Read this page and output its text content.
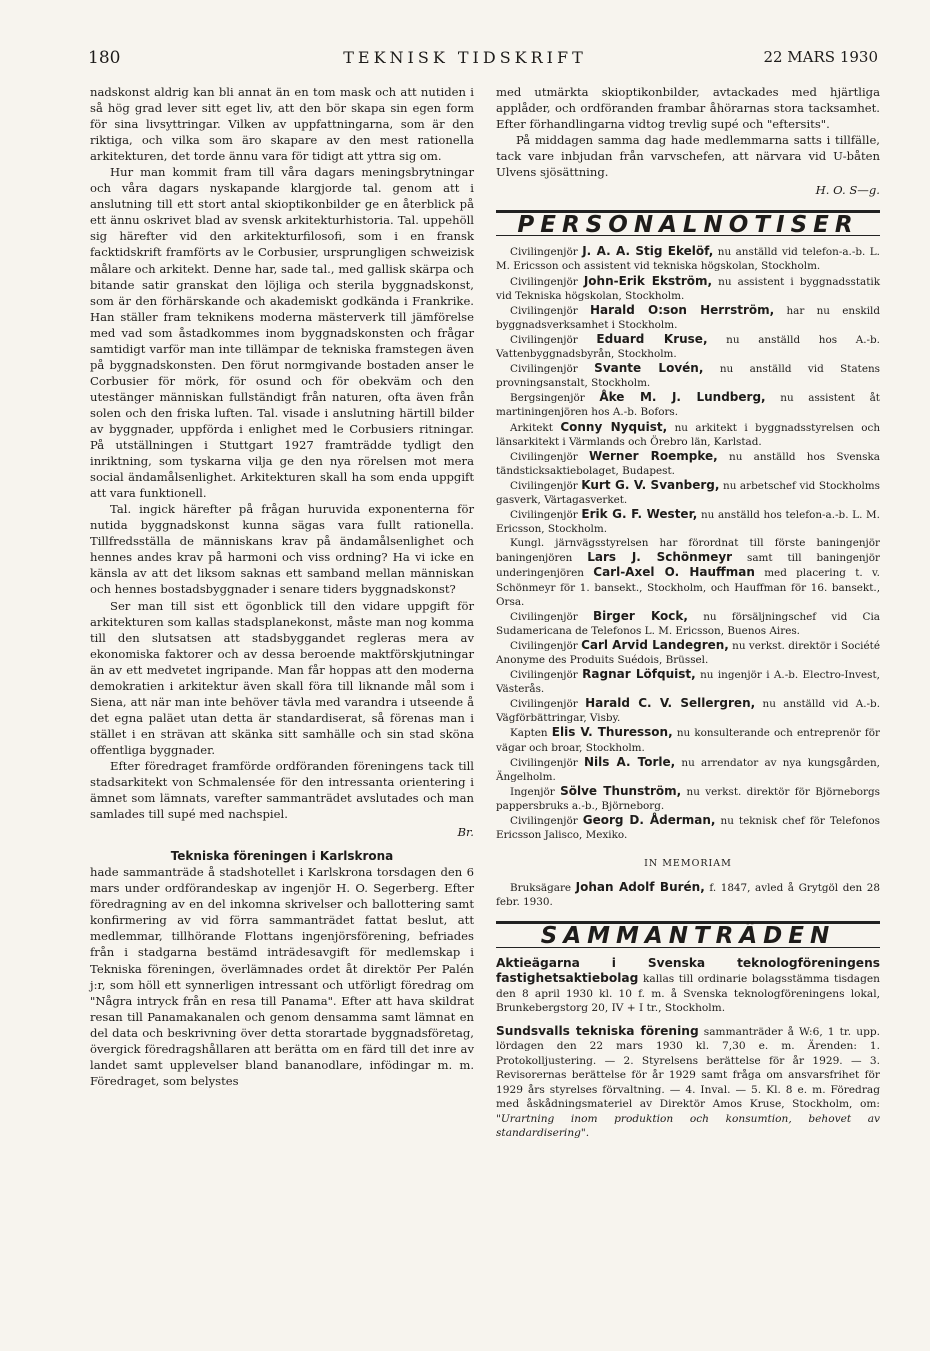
180	TEKNISK TIDSKRIFT	22 MARS 1930

nadskonst aldrig kan bli annat än en tom mask och att nutiden i så hög grad lever sitt eget liv, att den bör skapa sin egen form för sina livsyttringar. Vilken av uppfattningarna, som är den riktiga, och vilka som äro skapare av den mest rationella arkitekturen, det torde ännu vara för tidigt att yttra sig om.

Hur man kommit fram till våra dagars meningsbrytningar och våra dagars nyskapande klargjorde tal. genom att i anslutning till ett stort antal skioptikonbilder ge en återblick på ett ännu oskrivet blad av svensk arkitekturhistoria. Tal. uppehöll sig härefter vid den arkitekturfilosofi, som i en fransk facktidskrift framförts av le Corbusier, ursprungligen schweizisk målare och arkitekt. Denne har, sade tal., med gallisk skärpa och bitande satir granskat den löjliga och sterila byggnadskonst, som är den förhärskande och akademiskt godkända i Frankrike. Han ställer fram teknikens moderna mästerverk till jämförelse med vad som åstadkommes inom byggnadskonsten och frågar samtidigt varför man inte tillämpar de tekniska framstegen även på byggnadskonsten. Den förut normgivande bostaden anser le Corbusier för mörk, för osund och för obekväm och den utestänger människan fullständigt från naturen, ofta även från solen och den friska luften. Tal. visade i anslutning härtill bilder av byggnader, uppförda i enlighet med le Corbusiers ritningar. På utställningen i Stuttgart 1927 framträdde tydligt den inriktning, som tyskarna vilja ge den nya rörelsen mot mera social ändamålsenlighet. Arkitekturen skall ha som enda uppgift att vara funktionell.

Tal. ingick härefter på frågan huruvida exponenterna för nutida byggnadskonst kunna sägas vara fullt rationella. Tillfredsställa de människans krav på ändamålsenlighet och hennes andes krav på harmoni och viss ordning? Ha vi icke en känsla av att det liksom saknas ett samband mellan människan och hennes bostadsbyggnader i senare tiders byggnadskonst?

Ser man till sist ett ögonblick till den vidare uppgift för arkitekturen som kallas stadsplanekonst, måste man nog komma till den slutsatsen att stadsbyggandet regleras mera av ekonomiska faktorer och av dessa beroende maktförskjutningar än av ett medvetet ingripande. Man får hoppas att den moderna demokratien i arkitektur även skall föra till liknande mål som i Siena, att när man inte behöver tävla med varandra i utseende å det egna paläet utan detta är standardiserat, så förenas man i stället i en strävan att skänka sitt samhälle och sin stad sköna offentliga byggnader.

Efter föredraget framförde ordföranden föreningens tack till stadsarkitekt von Schmalensée för den intressanta orientering i ämnet som lämnats, varefter sammanträdet avslutades och man samlades till supé med nachspiel.

Br.

Tekniska föreningen i Karlskrona

hade sammanträde å stadshotellet i Karlskrona torsdagen den 6 mars under ordförandeskap av ingenjör H. O. Segerberg. Efter föredragning av en del inkomna skrivelser och ballottering samt konfirmering av vid förra sammanträdet fattat beslut, att medlemmar, tillhörande Flottans ingenjörsförening, befriades från i stadgarna bestämd inträdesavgift för medlemskap i Tekniska föreningen, överlämnades ordet åt direktör Per Palén j:r, som höll ett synnerligen intressant och utförligt föredrag om "Några intryck från en resa till Panama". Efter att hava skildrat resan till Panamakanalen och genom densamma samt lämnat en del data och beskrivning över detta storartade byggnadsföretag, övergick föredragshållaren att berätta om en färd till det inre av landet samt upplevelser bland bananodlare, infödingar m. m. Föredraget, som belystes

med utmärkta skioptikonbilder, avtackades med hjärtliga applåder, och ordföranden frambar åhörarnas stora tacksamhet. Efter förhandlingarna vidtog trevlig supé och "eftersits".

På middagen samma dag hade medlemmarna satts i tillfälle, tack vare inbjudan från varvschefen, att närvara vid U-båten Ulvens sjösättning.

H. O. S—g.

PERSONALNOTISER

Civilingenjör J. A. A. Stig Ekelöf, nu anställd vid telefon-a.-b. L. M. Ericsson och assistent vid tekniska högskolan, Stockholm.

Civilingenjör John-Erik Ekström, nu assistent i byggnadsstatik vid Tekniska högskolan, Stockholm.

Civilingenjör Harald O:son Herrström, har nu enskild byggnadsverksamhet i Stockholm.

Civilingenjör Eduard Kruse, nu anställd hos A.-b. Vattenbyggnadsbyrån, Stockholm.

Civilingenjör Svante Lovén, nu anställd vid Statens provningsanstalt, Stockholm.

Bergsingenjör Åke M. J. Lundberg, nu assistent åt martiningenjören hos A.-b. Bofors.

Arkitekt Conny Nyquist, nu arkitekt i byggnadsstyrelsen och länsarkitekt i Värmlands och Örebro län, Karlstad.

Civilingenjör Werner Roempke, nu anställd hos Svenska tändsticksaktiebolaget, Budapest.

Civilingenjör Kurt G. V. Svanberg, nu arbetschef vid Stockholms gasverk, Värtagasverket.

Civilingenjör Erik G. F. Wester, nu anställd hos telefon-a.-b. L. M. Ericsson, Stockholm.

Kungl. järnvägsstyrelsen har förordnat till förste baningenjör baningenjören Lars J. Schönmeyr samt till baningenjör underingenjören Carl-Axel O. Hauffman med placering t. v. Schönmeyr för 1. bansekt., Stockholm, och Hauffman för 16. bansekt., Orsa.

Civilingenjör Birger Kock, nu försäljningschef vid Cia Sudamericana de Telefonos L. M. Ericsson, Buenos Aires.

Civilingenjör Carl Arvid Landegren, nu verkst. direktör i Société Anonyme des Produits Suédois, Brüssel.

Civilingenjör Ragnar Löfquist, nu ingenjör i A.-b. Electro-Invest, Västerås.

Civilingenjör Harald C. V. Sellergren, nu anställd vid A.-b. Vägförbättringar, Visby.

Kapten Elis V. Thuresson, nu konsulterande och entreprenör för vägar och broar, Stockholm.

Civilingenjör Nils A. Torle, nu arrendator av nya kungsgården, Ängelholm.

Ingenjör Sölve Thunström, nu verkst. direktör för Björneborgs pappersbruks a.-b., Björneborg.

Civilingenjör Georg D. Åderman, nu teknisk chef för Telefonos Ericsson Jalisco, Mexiko.

IN MEMORIAM

Bruksägare Johan Adolf Burén, f. 1847, avled å Grytgöl den 28 febr. 1930.

SAMMANTRÄDEN

Aktieägarna i Svenska teknologföreningens fastighetsaktiebolag kallas till ordinarie bolagsstämma tisdagen den 8 april 1930 kl. 10 f. m. å Svenska teknologföreningens lokal, Brunkebergstorg 20, IV + I tr., Stockholm.

Sundsvalls tekniska förening sammanträder å W:6, 1 tr. upp. lördagen den 22 mars 1930 kl. 7,30 e. m. Ärenden: 1. Protokolljustering. — 2. Styrelsens berättelse för år 1929. — 3. Revisorernas berättelse för år 1929 samt fråga om ansvarsfrihet för 1929 års styrelses förvaltning. — 4. Inval. — 5. Kl. 8 e. m. Föredrag med åskådningsmateriel av Direktör Amos Kruse, Stockholm, om: "Urartning inom produktion och konsumtion, behovet av standardisering".
